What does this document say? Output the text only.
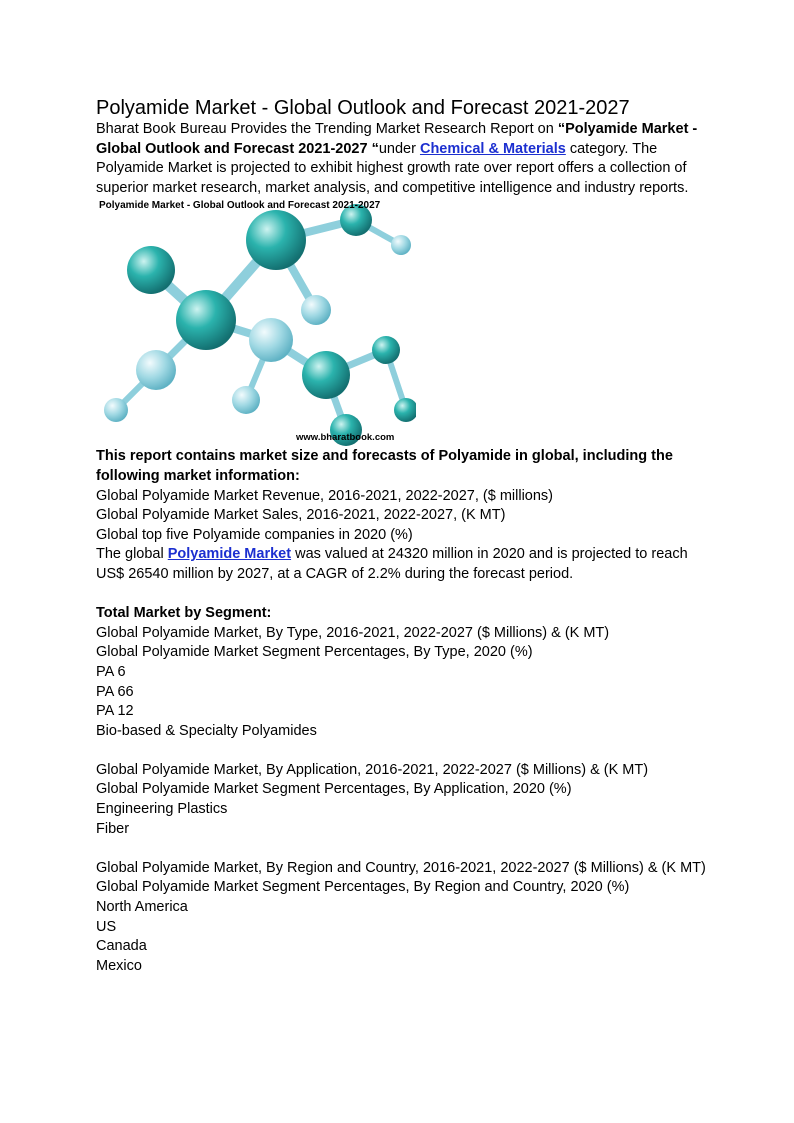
Polyamide Market - Global Outlook and Forecast 2021-2027

Bharat Book Bureau Provides the Trending Market Research Report on “Polyamide Market - Global Outlook and Forecast 2021-2027 “under Chemical & Materials category. The Polyamide Market is projected to exhibit highest growth rate over report offers a collection of superior market research, market analysis, and competitive intelligence and industry reports.

Polyamide Market - Global Outlook and Forecast 2021-2027
www.bharatbook.com

This report contains market size and forecasts of Polyamide in global, including the following market information:

Global Polyamide Market Revenue, 2016-2021, 2022-2027, ($ millions)

Global Polyamide Market Sales, 2016-2021, 2022-2027, (K MT)

Global top five Polyamide companies in 2020 (%)

The global Polyamide Market was valued at 24320 million in 2020 and is projected to reach US$ 26540 million by 2027, at a CAGR of 2.2% during the forecast period.

Total Market by Segment:

Global Polyamide Market, By Type, 2016-2021, 2022-2027 ($ Millions) & (K MT)

Global Polyamide Market Segment Percentages, By Type, 2020 (%)

PA 6

PA 66

PA 12

Bio-based & Specialty Polyamides

Global Polyamide Market, By Application, 2016-2021, 2022-2027 ($ Millions) & (K MT)

Global Polyamide Market Segment Percentages, By Application, 2020 (%)

Engineering Plastics

Fiber

Global Polyamide Market, By Region and Country, 2016-2021, 2022-2027 ($ Millions) & (K MT)

Global Polyamide Market Segment Percentages, By Region and Country, 2020 (%)

North America

US

Canada

Mexico
